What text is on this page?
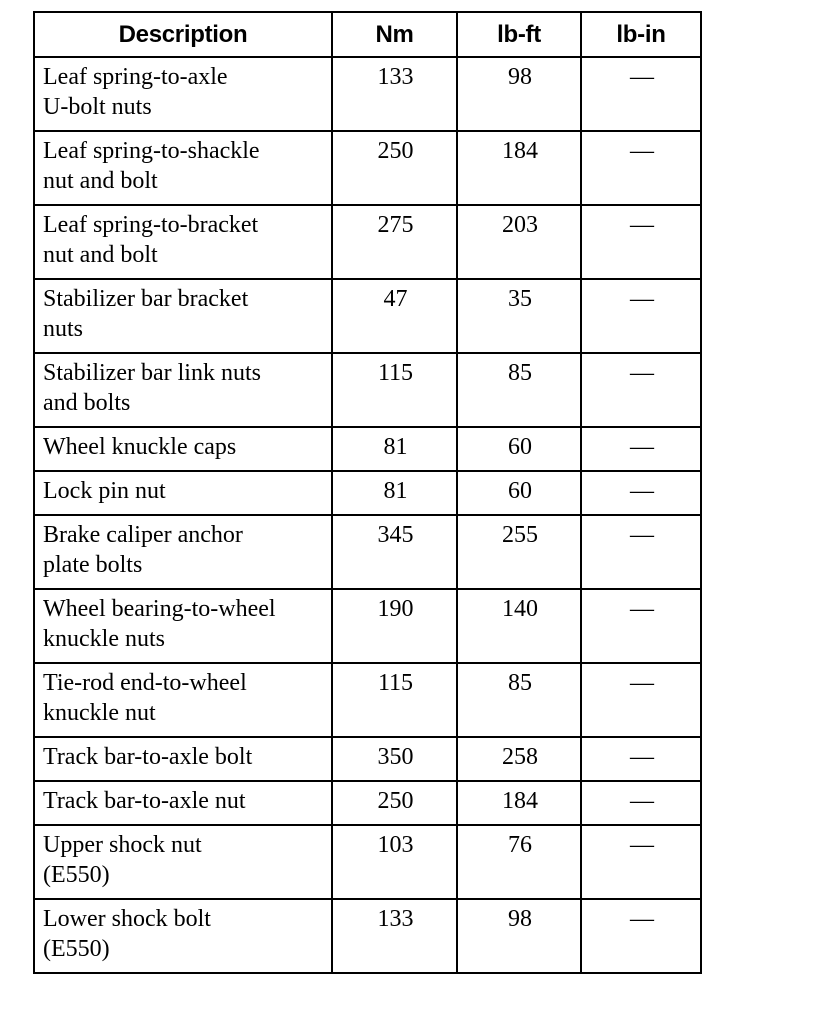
Description	Nm	lb-ft	lb-in

Leaf spring-to-axle
U-bolt nuts	133	98	—

Leaf spring-to-shackle
nut and bolt	250	184	—

Leaf spring-to-bracket
nut and bolt	275	203	—

Stabilizer bar bracket
nuts	47	35	—

Stabilizer bar link nuts
and bolts	115	85	—

Wheel knuckle caps	81	60	—

Lock pin nut	81	60	—

Brake caliper anchor
plate bolts	345	255	—

Wheel bearing-to-wheel
knuckle nuts	190	140	—

Tie-rod end-to-wheel
knuckle nut	115	85	—

Track bar-to-axle bolt	350	258	—

Track bar-to-axle nut	250	184	—

Upper shock nut
(E550)	103	76	—

Lower shock bolt
(E550)	133	98	—
